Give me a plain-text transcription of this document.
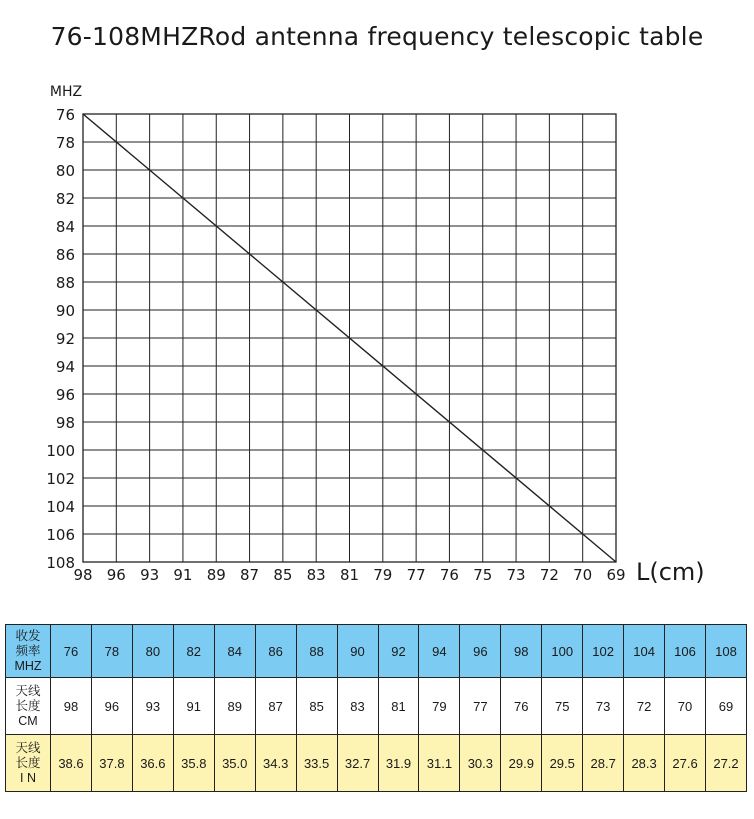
76-108MHZRod antenna frequency telescopic table
76
78
80
82
84
86
88
90
92
94
96
98
100
102
104
106
108
98 96 93 91 89 87 85 83 81 79 77 76 75 73 72 70 69
MHZ
L(cm)
收发
频率
MHZ	76	78	80	82	84	86	88	90	92	94	96	98	100	102	104	106	108

天线
长度
CM	98	96	93	91	89	87	85	83	81	79	77	76	75	73	72	70	69

天线
长度
I N	38.6	37.8	36.6	35.8	35.0	34.3	33.5	32.7	31.9	31.1	30.3	29.9	29.5	28.7	28.3	27.6	27.2
